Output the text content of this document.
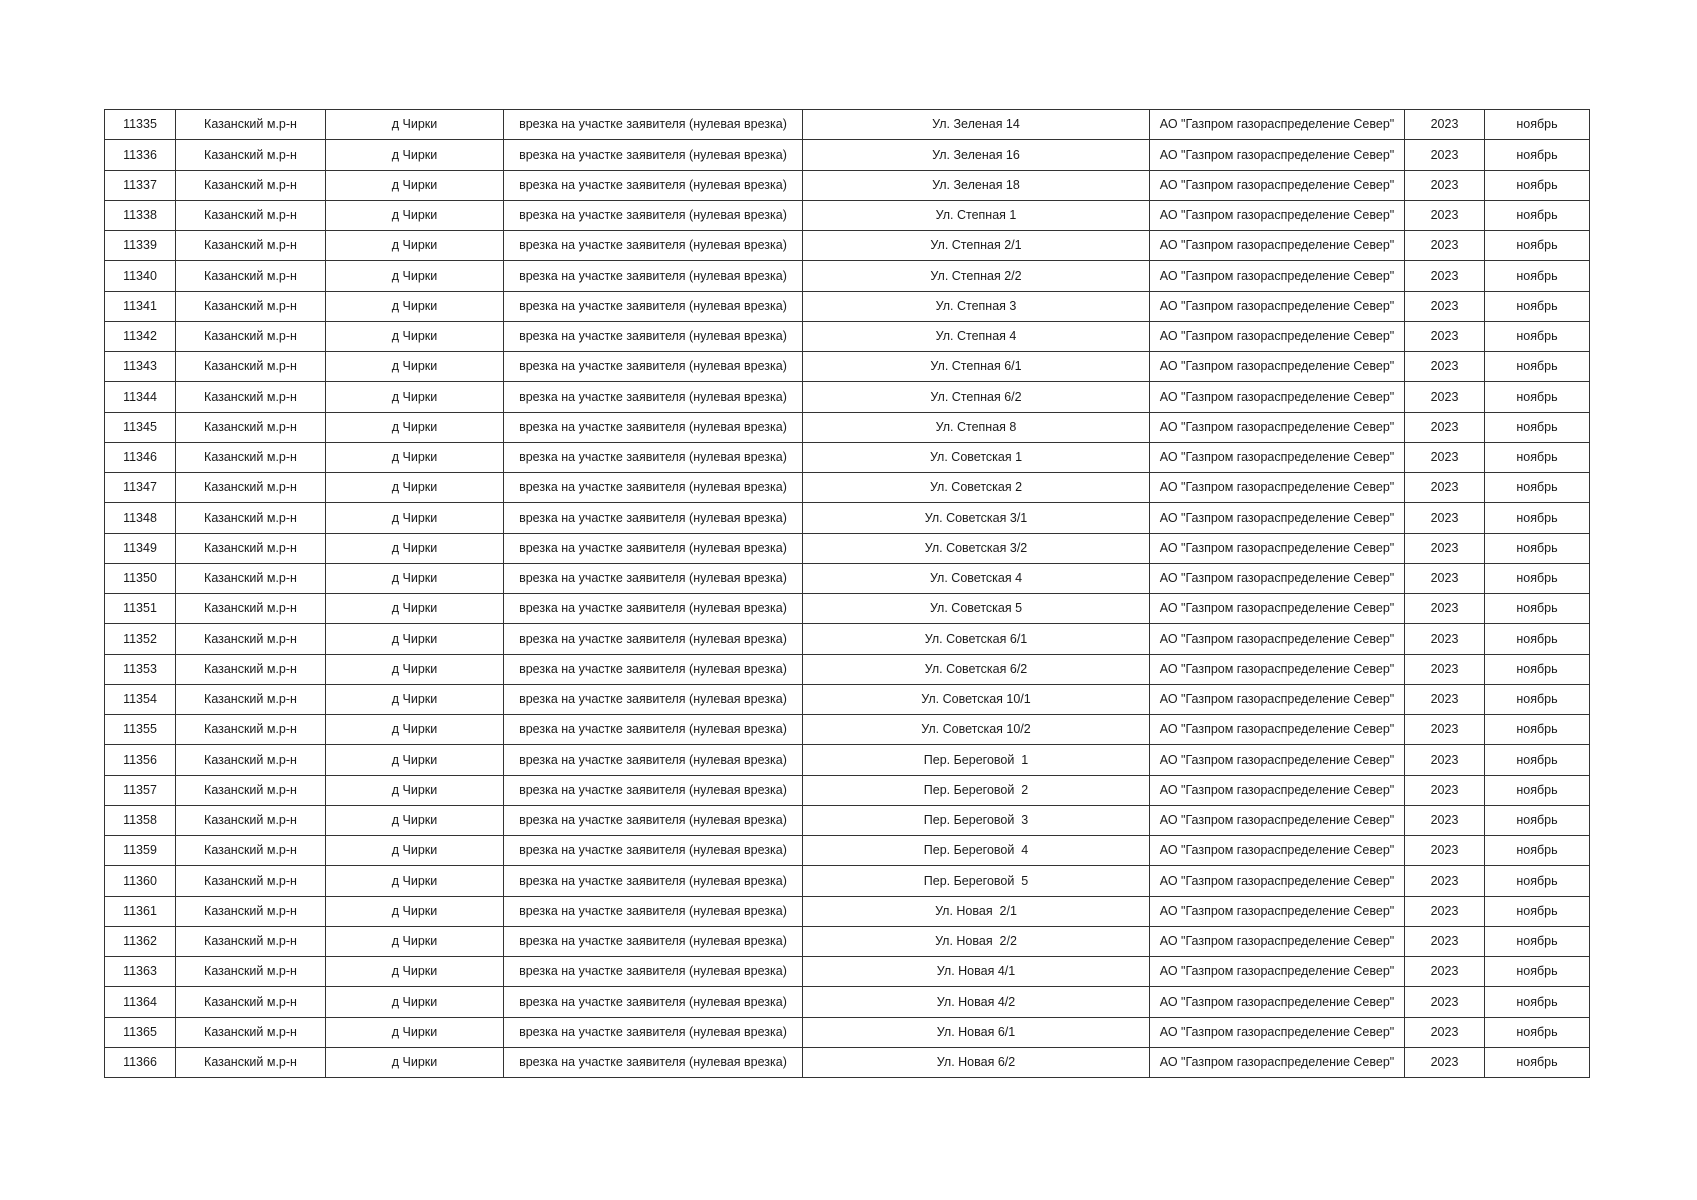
11335	Казанский м.р-н	д Чирки	врезка на участке заявителя (нулевая врезка)	Ул. Зеленая 14	АО "Газпром газораспределение Север"	2023	ноябрь
11336	Казанский м.р-н	д Чирки	врезка на участке заявителя (нулевая врезка)	Ул. Зеленая 16	АО "Газпром газораспределение Север"	2023	ноябрь
11337	Казанский м.р-н	д Чирки	врезка на участке заявителя (нулевая врезка)	Ул. Зеленая 18	АО "Газпром газораспределение Север"	2023	ноябрь
11338	Казанский м.р-н	д Чирки	врезка на участке заявителя (нулевая врезка)	Ул. Степная 1	АО "Газпром газораспределение Север"	2023	ноябрь
11339	Казанский м.р-н	д Чирки	врезка на участке заявителя (нулевая врезка)	Ул. Степная 2/1	АО "Газпром газораспределение Север"	2023	ноябрь
11340	Казанский м.р-н	д Чирки	врезка на участке заявителя (нулевая врезка)	Ул. Степная 2/2	АО "Газпром газораспределение Север"	2023	ноябрь
11341	Казанский м.р-н	д Чирки	врезка на участке заявителя (нулевая врезка)	Ул. Степная 3	АО "Газпром газораспределение Север"	2023	ноябрь
11342	Казанский м.р-н	д Чирки	врезка на участке заявителя (нулевая врезка)	Ул. Степная 4	АО "Газпром газораспределение Север"	2023	ноябрь
11343	Казанский м.р-н	д Чирки	врезка на участке заявителя (нулевая врезка)	Ул. Степная 6/1	АО "Газпром газораспределение Север"	2023	ноябрь
11344	Казанский м.р-н	д Чирки	врезка на участке заявителя (нулевая врезка)	Ул. Степная 6/2	АО "Газпром газораспределение Север"	2023	ноябрь
11345	Казанский м.р-н	д Чирки	врезка на участке заявителя (нулевая врезка)	Ул. Степная 8	АО "Газпром газораспределение Север"	2023	ноябрь
11346	Казанский м.р-н	д Чирки	врезка на участке заявителя (нулевая врезка)	Ул. Советская 1	АО "Газпром газораспределение Север"	2023	ноябрь
11347	Казанский м.р-н	д Чирки	врезка на участке заявителя (нулевая врезка)	Ул. Советская 2	АО "Газпром газораспределение Север"	2023	ноябрь
11348	Казанский м.р-н	д Чирки	врезка на участке заявителя (нулевая врезка)	Ул. Советская 3/1	АО "Газпром газораспределение Север"	2023	ноябрь
11349	Казанский м.р-н	д Чирки	врезка на участке заявителя (нулевая врезка)	Ул. Советская 3/2	АО "Газпром газораспределение Север"	2023	ноябрь
11350	Казанский м.р-н	д Чирки	врезка на участке заявителя (нулевая врезка)	Ул. Советская 4	АО "Газпром газораспределение Север"	2023	ноябрь
11351	Казанский м.р-н	д Чирки	врезка на участке заявителя (нулевая врезка)	Ул. Советская 5	АО "Газпром газораспределение Север"	2023	ноябрь
11352	Казанский м.р-н	д Чирки	врезка на участке заявителя (нулевая врезка)	Ул. Советская 6/1	АО "Газпром газораспределение Север"	2023	ноябрь
11353	Казанский м.р-н	д Чирки	врезка на участке заявителя (нулевая врезка)	Ул. Советская 6/2	АО "Газпром газораспределение Север"	2023	ноябрь
11354	Казанский м.р-н	д Чирки	врезка на участке заявителя (нулевая врезка)	Ул. Советская 10/1	АО "Газпром газораспределение Север"	2023	ноябрь
11355	Казанский м.р-н	д Чирки	врезка на участке заявителя (нулевая врезка)	Ул. Советская 10/2	АО "Газпром газораспределение Север"	2023	ноябрь
11356	Казанский м.р-н	д Чирки	врезка на участке заявителя (нулевая врезка)	Пер. Береговой  1	АО "Газпром газораспределение Север"	2023	ноябрь
11357	Казанский м.р-н	д Чирки	врезка на участке заявителя (нулевая врезка)	Пер. Береговой  2	АО "Газпром газораспределение Север"	2023	ноябрь
11358	Казанский м.р-н	д Чирки	врезка на участке заявителя (нулевая врезка)	Пер. Береговой  3	АО "Газпром газораспределение Север"	2023	ноябрь
11359	Казанский м.р-н	д Чирки	врезка на участке заявителя (нулевая врезка)	Пер. Береговой  4	АО "Газпром газораспределение Север"	2023	ноябрь
11360	Казанский м.р-н	д Чирки	врезка на участке заявителя (нулевая врезка)	Пер. Береговой  5	АО "Газпром газораспределение Север"	2023	ноябрь
11361	Казанский м.р-н	д Чирки	врезка на участке заявителя (нулевая врезка)	Ул. Новая  2/1	АО "Газпром газораспределение Север"	2023	ноябрь
11362	Казанский м.р-н	д Чирки	врезка на участке заявителя (нулевая врезка)	Ул. Новая  2/2	АО "Газпром газораспределение Север"	2023	ноябрь
11363	Казанский м.р-н	д Чирки	врезка на участке заявителя (нулевая врезка)	Ул. Новая 4/1	АО "Газпром газораспределение Север"	2023	ноябрь
11364	Казанский м.р-н	д Чирки	врезка на участке заявителя (нулевая врезка)	Ул. Новая 4/2	АО "Газпром газораспределение Север"	2023	ноябрь
11365	Казанский м.р-н	д Чирки	врезка на участке заявителя (нулевая врезка)	Ул. Новая 6/1	АО "Газпром газораспределение Север"	2023	ноябрь
11366	Казанский м.р-н	д Чирки	врезка на участке заявителя (нулевая врезка)	Ул. Новая 6/2	АО "Газпром газораспределение Север"	2023	ноябрь
